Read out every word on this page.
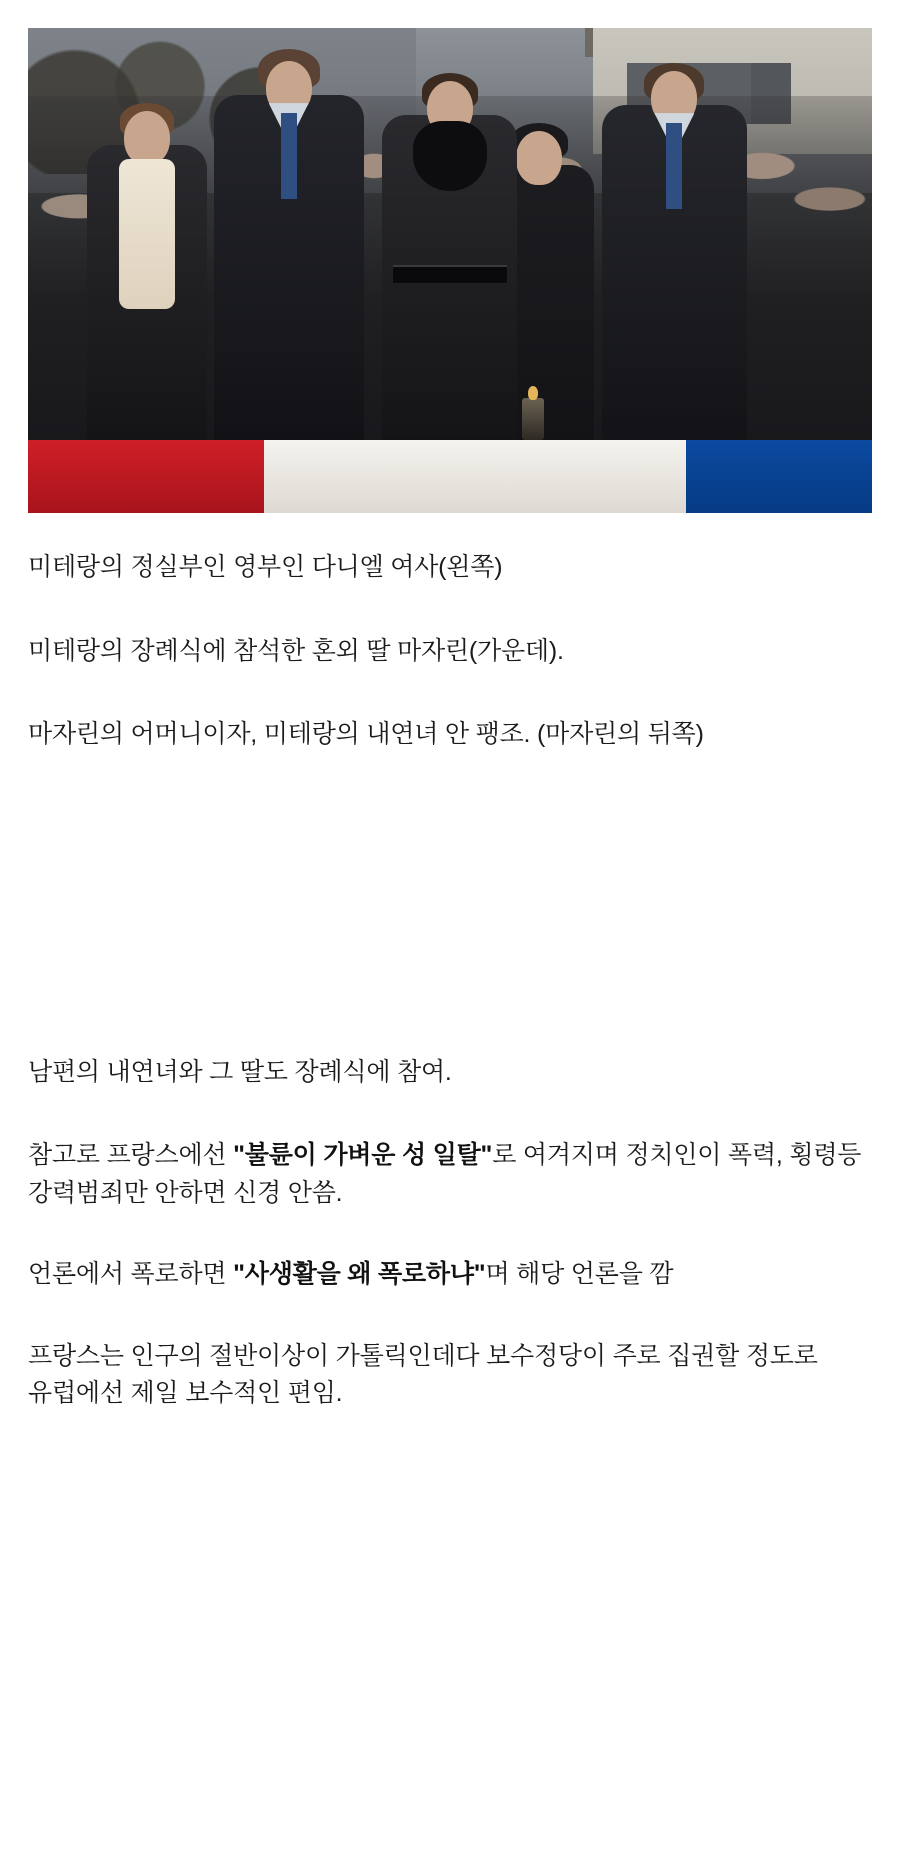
미테랑의 정실부인 영부인 다니엘 여사(왼쪽)

미테랑의 장례식에 참석한 혼외 딸 마자린(가운데).

마자린의 어머니이자, 미테랑의 내연녀 안 팽조. (마자린의 뒤쪽)

남편의 내연녀와 그 딸도 장례식에 참여.

참고로 프랑스에선 "불륜이 가벼운 성 일탈"로 여겨지며 정치인이 폭력, 횡령등 강력범죄만 안하면 신경 안씀.

언론에서 폭로하면 "사생활을 왜 폭로하냐"며 해당 언론을 깜

프랑스는 인구의 절반이상이 가톨릭인데다 보수정당이 주로 집권할 정도로 유럽에선 제일 보수적인 편임.
